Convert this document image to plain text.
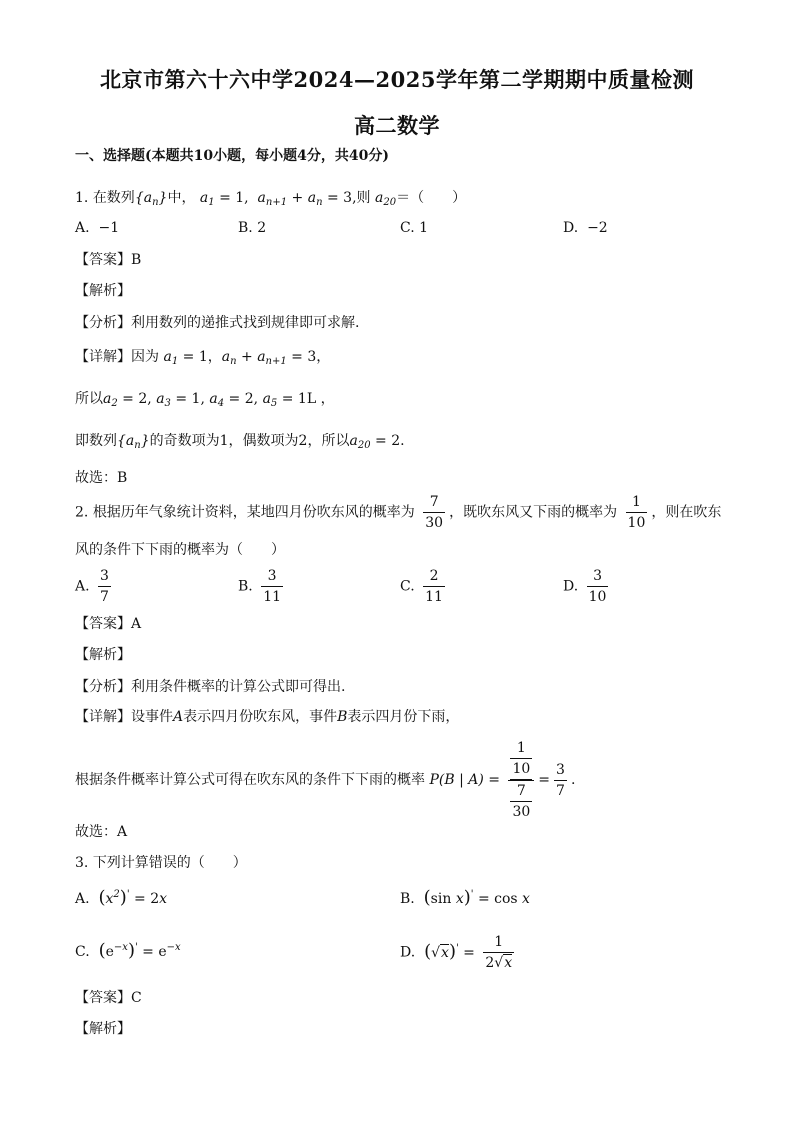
北京市第六十六中学2024—2025学年第二学期期中质量检测
高二数学
一、选择题(本题共10小题，每小题4分，共40分)
1. 在数列$\{a_n\}$中， $a_1 = 1$,  $a_{n+1} + a_n = 3$,则 $a_{20}=$（　　）
A.  −1	B. 2	C. 1	D.  −2
【答案】B
【解析】
【分析】利用数列的递推式找到规律即可求解.
【详解】因为 $a_1 = 1$，$a_n + a_{n+1} = 3$，
所以$a_2 = 2$, $a_3 = 1$, $a_4 = 2$, $a_5 = 1L$ ，
即数列$\{a_n\}$的奇数项为1，偶数项为2，所以$a_{20} = 2$.
故选：B
2. 根据历年气象统计资料，某地四月份吹东风的概率为 $\frac{7}{30}$ ，既吹东风又下雨的概率为 $\frac{1}{10}$ ，则在吹东
风的条件下下雨的概率为（　　）
A. $\frac{3}{7}$	B. $\frac{3}{11}$	C. $\frac{2}{11}$	D. $\frac{3}{10}$
【答案】A
【解析】
【分析】利用条件概率的计算公式即可得出.
【详解】设事件A表示四月份吹东风，事件B表示四月份下雨，
根据条件概率计算公式可得在吹东风的条件下下雨的概率 P(B | $A) = \frac{\frac{1}{10}}{\frac{7}{30}} = \frac{3}{7}$ .
故选：A
3. 下列计算错误的（　　）
A.  $(x^2)' = 2x$	B.  (sin x)' = cos x
C.  $(e^{-x})' = e^{-x}$	D.  $(√x)' = \frac{1}{2√x}$
【答案】C
【解析】
